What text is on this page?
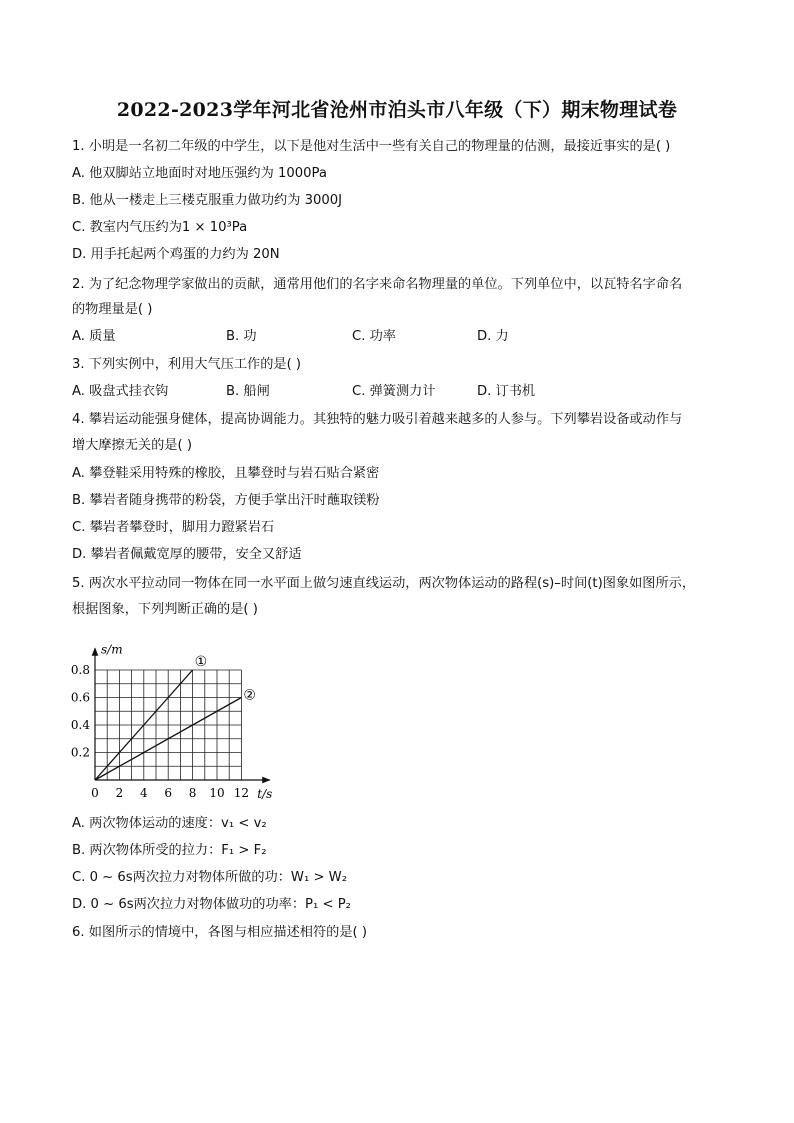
2022-2023学年河北省沧州市泊头市八年级（下）期末物理试卷
1. 小明是一名初二年级的中学生，以下是他对生活中一些有关自己的物理量的估测，最接近事实的是( )
A. 他双脚站立地面时对地压强约为 1000Pa
B. 他从一楼走上三楼克服重力做功约为 3000J
C. 教室内气压约为1 × 10³Pa
D. 用手托起两个鸡蛋的力约为 20N
2. 为了纪念物理学家做出的贡献，通常用他们的名字来命名物理量的单位。下列单位中，以瓦特名字命名
的物理量是( )
A. 质量	B. 功	C. 功率	D. 力
3. 下列实例中，利用大气压工作的是( )
A. 吸盘式挂衣钩	B. 船闸	C. 弹簧测力计	D. 订书机
4. 攀岩运动能强身健体，提高协调能力。其独特的魅力吸引着越来越多的人参与。下列攀岩设备或动作与
增大摩擦无关的是( )
A. 攀登鞋采用特殊的橡胶，且攀登时与岩石贴合紧密
B. 攀岩者随身携带的粉袋，方便手掌出汗时蘸取镁粉
C. 攀岩者攀登时，脚用力蹬紧岩石
D. 攀岩者佩戴宽厚的腰带，安全又舒适
5. 两次水平拉动同一物体在同一水平面上做匀速直线运动，两次物体运动的路程(s)–时间(t)图象如图所示，
根据图象，下列判断正确的是( )
s/m
t/s
0 2 4 6 8 10 12
0.2
0.4
0.6
0.8	①
②
A. 两次物体运动的速度：v₁ < v₂
B. 两次物体所受的拉力：F₁ > F₂
C. 0 ~ 6s两次拉力对物体所做的功：W₁ > W₂
D. 0 ~ 6s两次拉力对物体做功的功率：P₁ < P₂
6. 如图所示的情境中，各图与相应描述相符的是( )
